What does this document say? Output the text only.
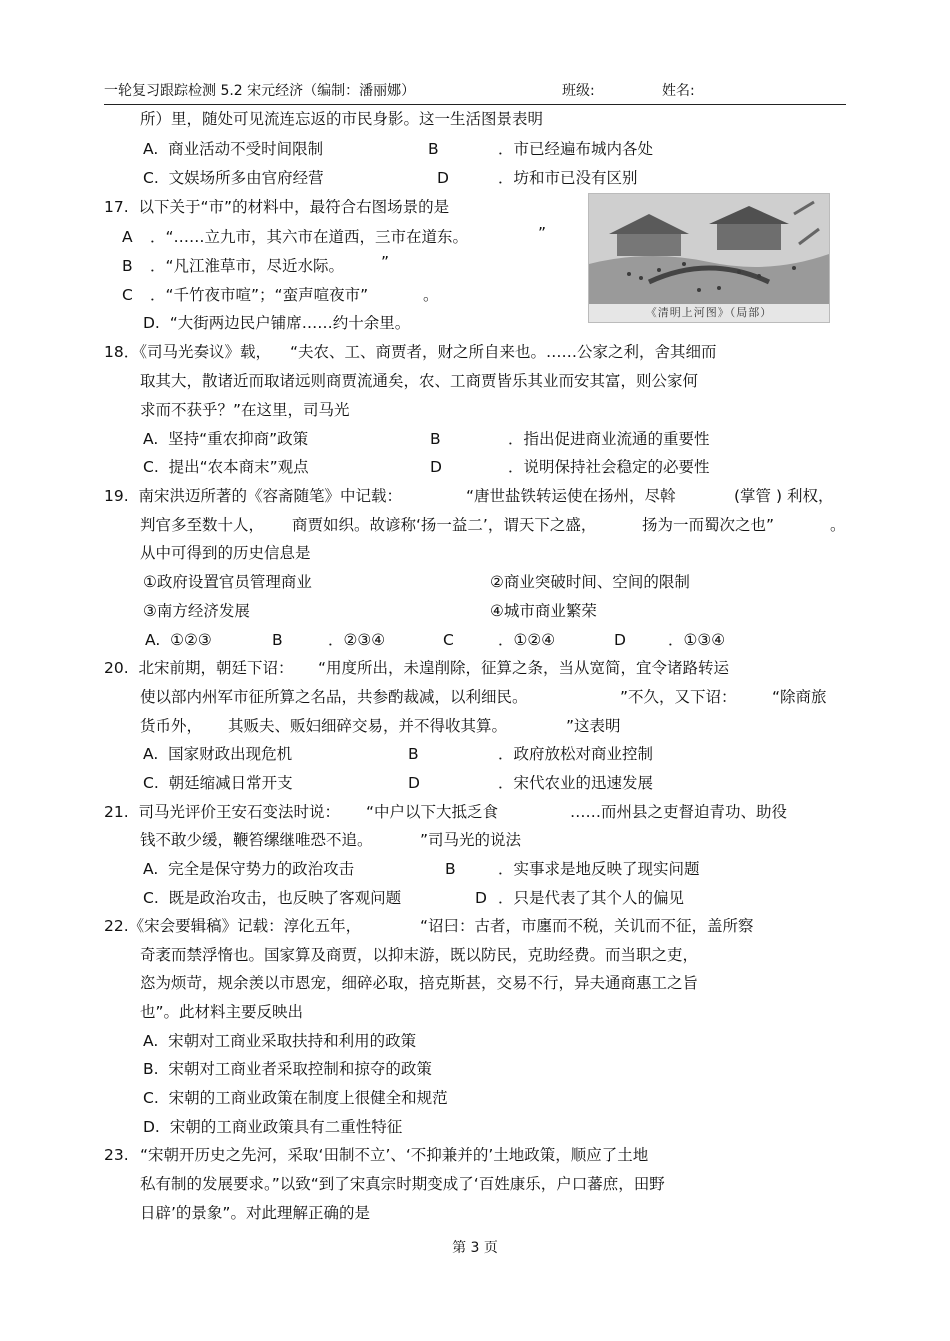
一轮复习跟踪检测 5.2 宋元经济（编制：潘丽娜）	班级:	姓名:
所）里，随处可见流连忘返的市民身影。这一生活图景表明
A.  商业活动不受时间限制	B	．市已经遍布城内各处
C.  文娱场所多由官府经营	D	．坊和市已没有区别
17.  以下关于“市”的材料中，最符合右图场景的是
A ．“……立九市，其六市在道西，三市在道东。	”
B ．“凡江淮草市，尽近水际。 ”
C ．“千竹夜市喧”；“蛮声喧夜市”	。
D.  “大街两边民户铺席……约十余里。
《清明上河图》（局部）
18．《司马光奏议》载， “夫农、工、商贾者，财之所自来也。……公家之利，舍其细而
取其大，散诸近而取诸远则商贾流通矣，农、工商贾皆乐其业而安其富，则公家何
求而不获乎？”在这里，司马光
A.  坚持“重农抑商”政策	B	．指出促进商业流通的重要性
C.  提出“农本商末”观点	D	．说明保持社会稳定的必要性
19.  南宋洪迈所著的《容斋随笔》中记载：	“唐世盐铁转运使在扬州，尽斡	(掌管 ) 利权，
判官多至数十人， 商贾如织。故谚称‘扬一益二’，谓天下之盛，	扬为一而蜀次之也”	。
从中可得到的历史信息是
①政府设置官员管理商业	②商业突破时间、空间的限制
③南方经济发展	④城市商业繁荣
A.  ①②③	B	．②③④	C	．①②④	D	．①③④
20.  北宋前期，朝廷下诏： “用度所出，未遑削除，征算之条，当从宽简，宜令诸路转运
使以部内州军市征所算之名品，共参酌裁减，以利细民。	”不久，又下诏： “除商旅
货币外， 其贩夫、贩妇细碎交易，并不得收其算。	”这表明
A.  国家财政出现危机	B	．政府放松对商业控制
C.  朝廷缩减日常开支	D	．宋代农业的迅速发展
21.  司马光评价王安石变法时说： “中户以下大抵乏食	……而州县之吏督迫青功、助役
钱不敢少缓，鞭笞缧继唯恐不追。	”司马光的说法
A.  完全是保守势力的政治攻击	B	．实事求是地反映了现实问题
C.  既是政治攻击，也反映了客观问题	D ．只是代表了其个人的偏见
22.《宋会要辑稿》记载：淳化五年，	“诏曰：古者，市廛而不税，关讥而不征，盖所察
奇袤而禁浮惰也。国家算及商贾，以抑末游，既以防民，克助经费。而当职之吏，
恣为烦苛，规余羡以市恩宠，细碎必取，掊克斯甚，交易不行，异夫通商惠工之旨
也”。此材料主要反映出
A.  宋朝对工商业采取扶持和利用的政策
B.  宋朝对工商业者采取控制和掠夺的政策
C.  宋朝的工商业政策在制度上很健全和规范
D.  宋朝的工商业政策具有二重性特征
23. “宋朝开历史之先河，采取‘田制不立’、‘不抑兼并的’土地政策，顺应了土地
私有制的发展要求。”以致“到了宋真宗时期变成了‘百姓康乐，户口蕃庶，田野
日辟’的景象”。对此理解正确的是
第 3 页
